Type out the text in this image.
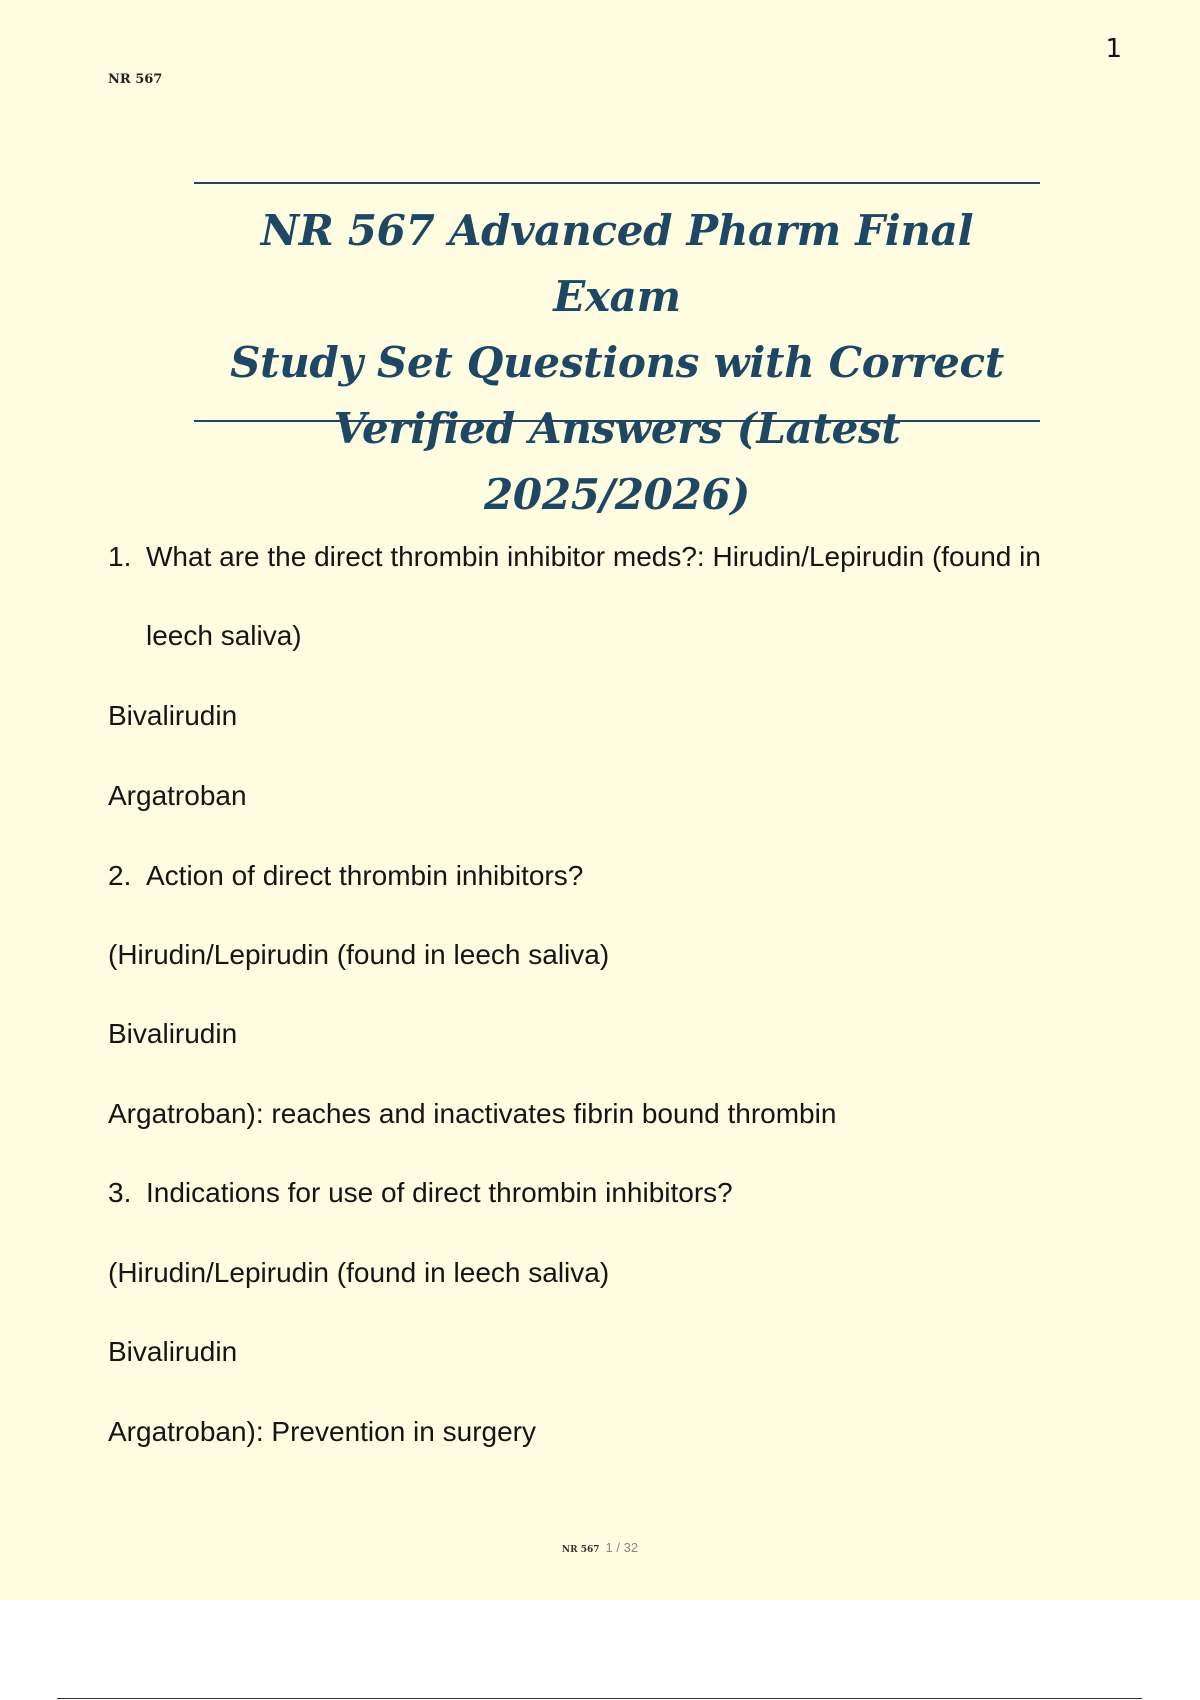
1
NR 567
NR 567 Advanced Pharm Final Exam
Study Set Questions with Correct
Verified Answers (Latest 2025/2026)
1. What are the direct thrombin inhibitor meds?: Hirudin/Lepirudin (found in
leech saliva)
Bivalirudin
Argatroban
2. Action of direct thrombin inhibitors?
(Hirudin/Lepirudin (found in leech saliva)
Bivalirudin
Argatroban): reaches and inactivates fibrin bound thrombin
3. Indications for use of direct thrombin inhibitors?
(Hirudin/Lepirudin (found in leech saliva)
Bivalirudin
Argatroban): Prevention in surgery
NR 567 1 / 32
